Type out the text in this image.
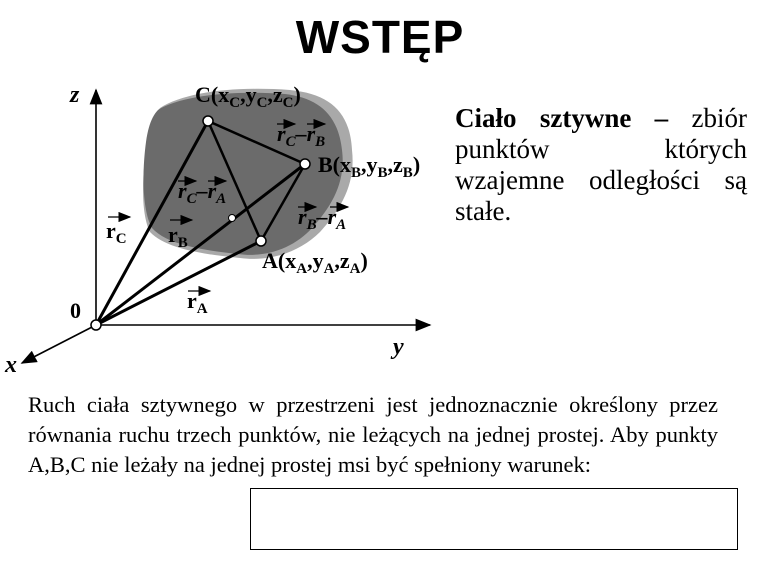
WSTĘP
z
y
x
0
$C(x_C,y_C,z_C)$
$B(x_B,y_B,z_B)$
$A(x_A,y_A,z_A)$
$r_C$ $r_B$
$r_A$
$r_C-r_B$
$r_C-r_A$
$r_B-r_A$
Ciało sztywne – zbiór punktów których wzajemne odległości są stałe.
Ruch ciała sztywnego w przestrzeni jest jednoznacznie określony przez równania ruchu trzech punktów, nie leżących na jednej prostej. Aby punkty A,B,C nie leżały na jednej prostej msi być spełniony warunek:
